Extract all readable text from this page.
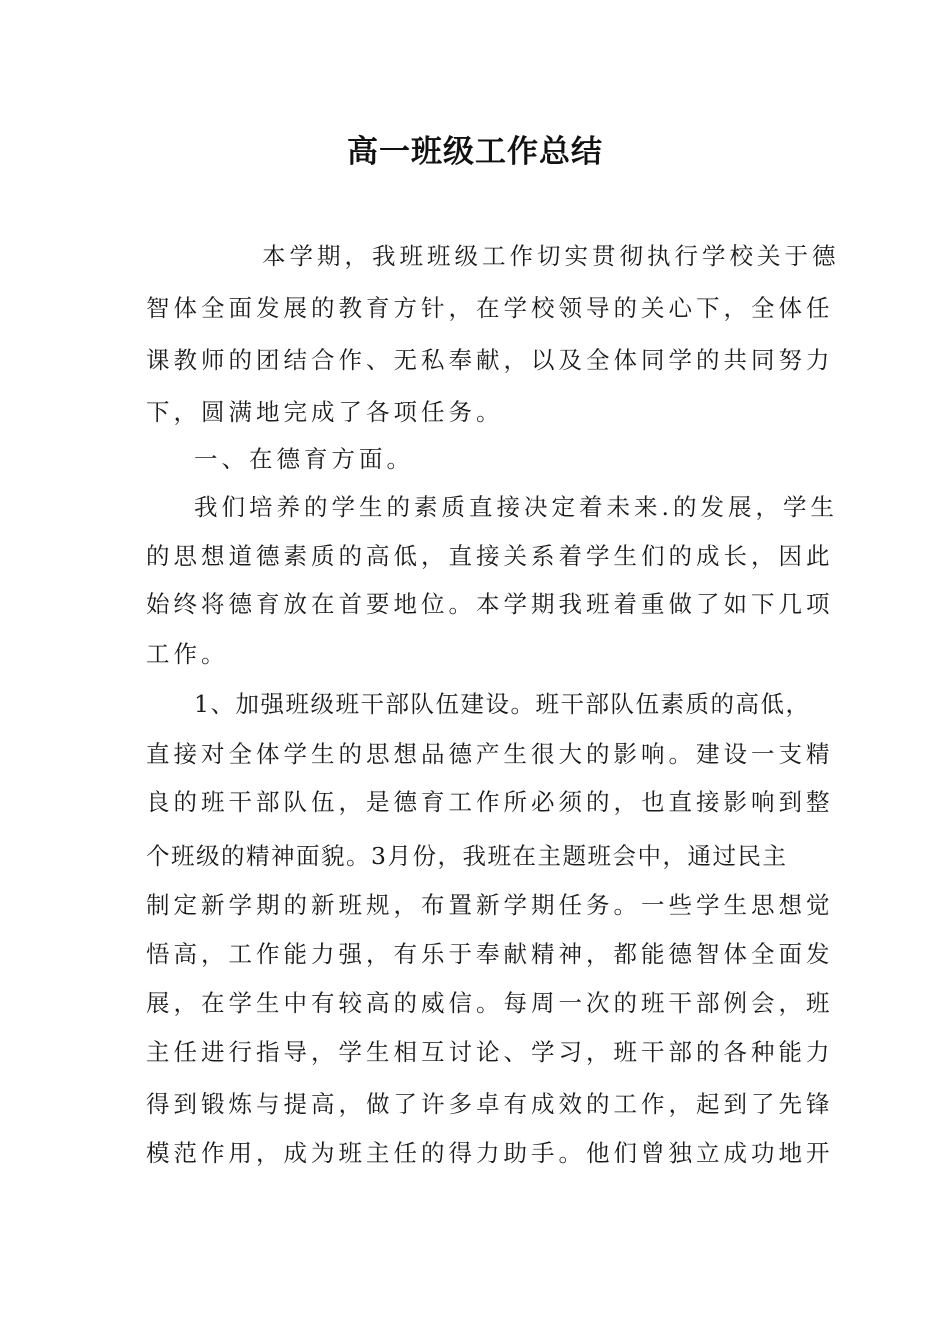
高一班级工作总结
本学期，我班班级工作切实贯彻执行学校关于德
智体全面发展的教育方针，在学校领导的关心下，全体任
课教师的团结合作、无私奉献，以及全体同学的共同努力
下，圆满地完成了各项任务。
一、在德育方面。
我们培养的学生的素质直接决定着未来.的发展，学生
的思想道德素质的高低，直接关系着学生们的成长，因此
始终将德育放在首要地位。本学期我班着重做了如下几项
工作。
1、加强班级班干部队伍建设。班干部队伍素质的高低，
直接对全体学生的思想品德产生很大的影响。建设一支精
良的班干部队伍，是德育工作所必须的，也直接影响到整
个班级的精神面貌。3月份，我班在主题班会中，通过民主
制定新学期的新班规，布置新学期任务。一些学生思想觉
悟高，工作能力强，有乐于奉献精神，都能德智体全面发
展，在学生中有较高的威信。每周一次的班干部例会，班
主任进行指导，学生相互讨论、学习，班干部的各种能力
得到锻炼与提高，做了许多卓有成效的工作，起到了先锋
模范作用，成为班主任的得力助手。他们曾独立成功地开
